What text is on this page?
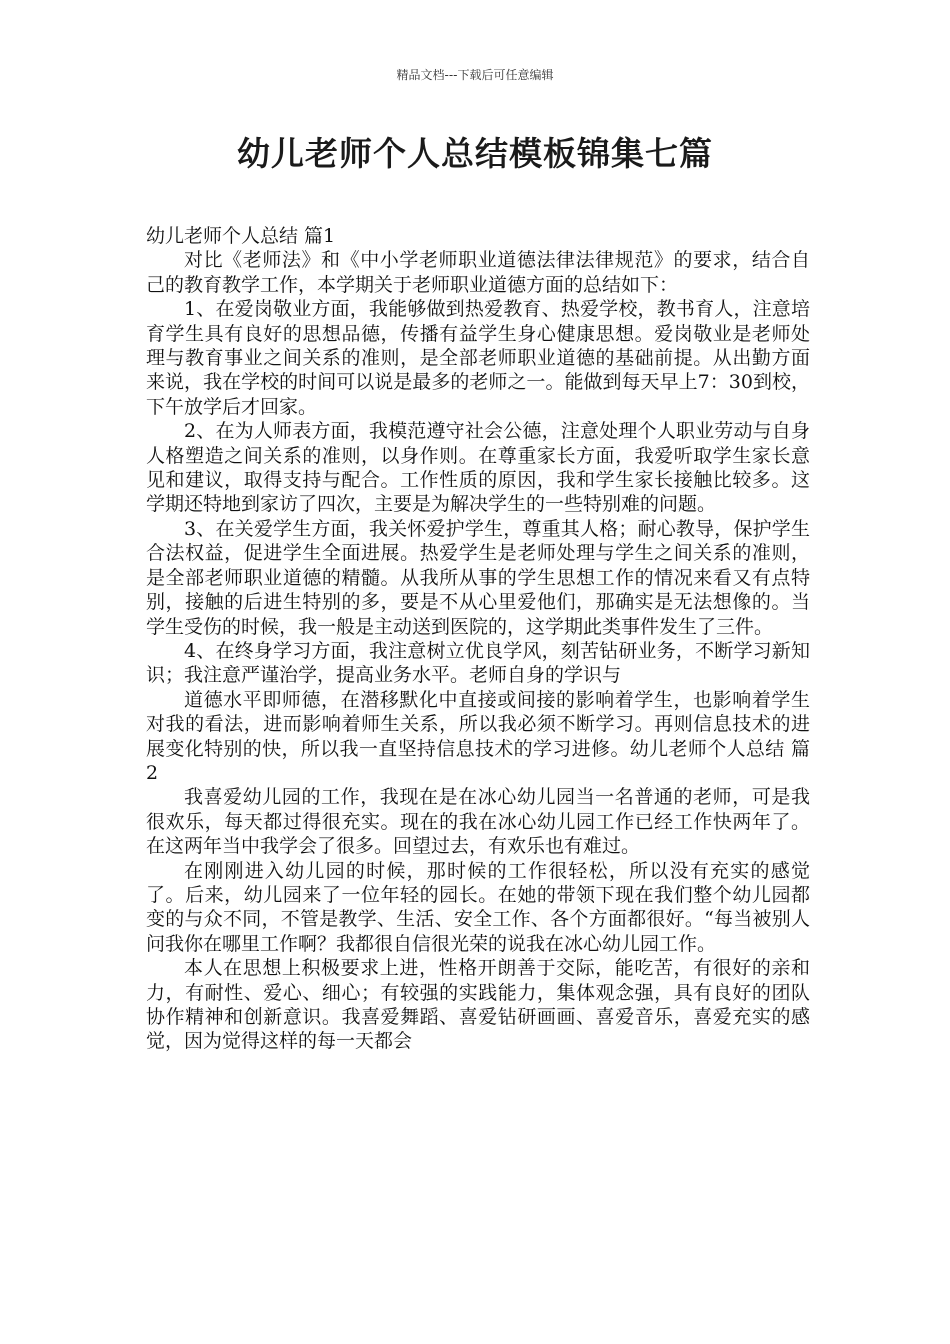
精品文档---下载后可任意编辑
幼儿老师个人总结模板锦集七篇

幼儿老师个人总结 篇1

对比《老师法》和《中小学老师职业道德法律法律规范》的要求，结合自己的教育教学工作，本学期关于老师职业道德方面的总结如下：

1、在爱岗敬业方面，我能够做到热爱教育、热爱学校，教书育人，注意培育学生具有良好的思想品德，传播有益学生身心健康思想。爱岗敬业是老师处理与教育事业之间关系的准则，是全部老师职业道德的基础前提。从出勤方面来说，我在学校的时间可以说是最多的老师之一。能做到每天早上7：30到校，下午放学后才回家。

2、在为人师表方面，我模范遵守社会公德，注意处理个人职业劳动与自身人格塑造之间关系的准则，以身作则。在尊重家长方面，我爱听取学生家长意见和建议，取得支持与配合。工作性质的原因，我和学生家长接触比较多。这学期还特地到家访了四次，主要是为解决学生的一些特别难的问题。

3、在关爱学生方面，我关怀爱护学生，尊重其人格；耐心教导，保护学生合法权益，促进学生全面进展。热爱学生是老师处理与学生之间关系的准则，是全部老师职业道德的精髓。从我所从事的学生思想工作的情况来看又有点特别，接触的后进生特别的多，要是不从心里爱他们，那确实是无法想像的。当学生受伤的时候，我一般是主动送到医院的，这学期此类事件发生了三件。

4、在终身学习方面，我注意树立优良学风，刻苦钻研业务，不断学习新知识；我注意严谨治学，提高业务水平。老师自身的学识与

道德水平即师德，在潜移默化中直接或间接的影响着学生，也影响着学生对我的看法，进而影响着师生关系，所以我必须不断学习。再则信息技术的进展变化特别的快，所以我一直坚持信息技术的学习进修。幼儿老师个人总结 篇2

我喜爱幼儿园的工作，我现在是在冰心幼儿园当一名普通的老师，可是我很欢乐，每天都过得很充实。现在的我在冰心幼儿园工作已经工作快两年了。在这两年当中我学会了很多。回望过去，有欢乐也有难过。

在刚刚进入幼儿园的时候，那时候的工作很轻松，所以没有充实的感觉了。后来，幼儿园来了一位年轻的园长。在她的带领下现在我们整个幼儿园都变的与众不同，不管是教学、生活、安全工作、各个方面都很好。“每当被别人问我你在哪里工作啊？我都很自信很光荣的说我在冰心幼儿园工作。

本人在思想上积极要求上进，性格开朗善于交际，能吃苦，有很好的亲和力，有耐性、爱心、细心；有较强的实践能力，集体观念强，具有良好的团队协作精神和创新意识。我喜爱舞蹈、喜爱钻研画画、喜爱音乐，喜爱充实的感觉，因为觉得这样的每一天都会
